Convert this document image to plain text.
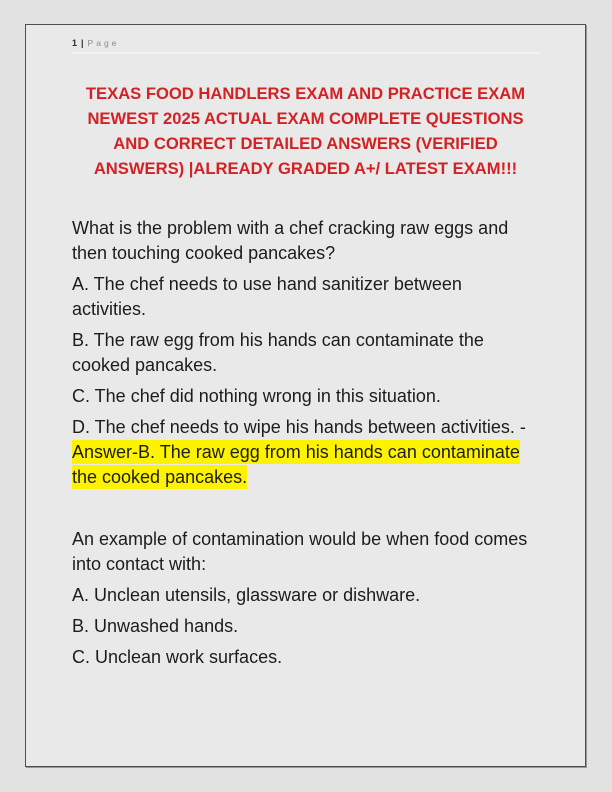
1 | Page
TEXAS FOOD HANDLERS EXAM AND PRACTICE EXAM NEWEST 2025 ACTUAL EXAM COMPLETE QUESTIONS AND CORRECT DETAILED ANSWERS (VERIFIED ANSWERS) |ALREADY GRADED A+/ LATEST EXAM!!!

What is the problem with a chef cracking raw eggs and then touching cooked pancakes?

A. The chef needs to use hand sanitizer between activities.

B. The raw egg from his hands can contaminate the cooked pancakes.

C. The chef did nothing wrong in this situation.

D. The chef needs to wipe his hands between activities. - Answer-B. The raw egg from his hands can contaminate the cooked pancakes.

An example of contamination would be when food comes into contact with:

A. Unclean utensils, glassware or dishware.

B. Unwashed hands.

C. Unclean work surfaces.
